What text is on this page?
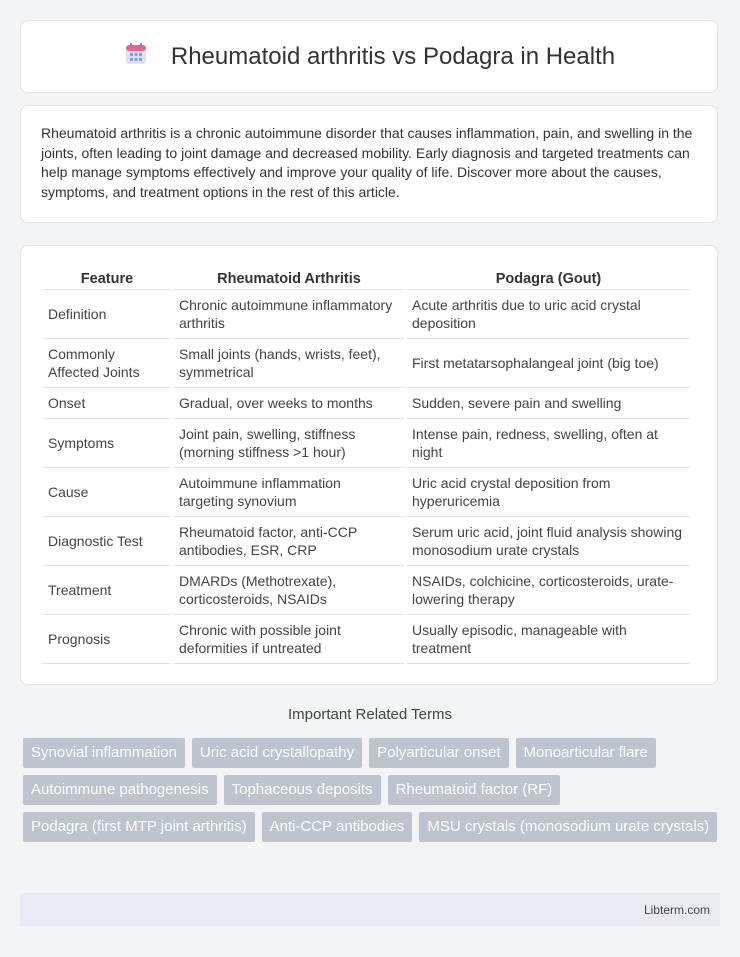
Rheumatoid arthritis vs Podagra in Health

Rheumatoid arthritis is a chronic autoimmune disorder that causes inflammation, pain, and swelling in the joints, often leading to joint damage and decreased mobility. Early diagnosis and targeted treatments can help manage symptoms effectively and improve your quality of life. Discover more about the causes, symptoms, and treatment options in the rest of this article.

Feature	Rheumatoid Arthritis	Podagra (Gout)
Definition	Chronic autoimmune inflammatory arthritis	Acute arthritis due to uric acid crystal deposition
Commonly Affected Joints	Small joints (hands, wrists, feet), symmetrical	First metatarsophalangeal joint (big toe)
Onset	Gradual, over weeks to months	Sudden, severe pain and swelling
Symptoms	Joint pain, swelling, stiffness (morning stiffness >1 hour)	Intense pain, redness, swelling, often at night
Cause	Autoimmune inflammation targeting synovium	Uric acid crystal deposition from hyperuricemia
Diagnostic Test	Rheumatoid factor, anti-CCP antibodies, ESR, CRP	Serum uric acid, joint fluid analysis showing monosodium urate crystals
Treatment	DMARDs (Methotrexate), corticosteroids, NSAIDs	NSAIDs, colchicine, corticosteroids, urate-lowering therapy
Prognosis	Chronic with possible joint deformities if untreated	Usually episodic, manageable with treatment
Important Related Terms
Synovial inflammation	Uric acid crystallopathy	Polyarticular onset	Monoarticular flare
Autoimmune pathogenesis	Tophaceous deposits	Rheumatoid factor (RF)
Podagra (first MTP joint arthritis)	Anti-CCP antibodies	MSU crystals (monosodium urate crystals)
Libterm.com
